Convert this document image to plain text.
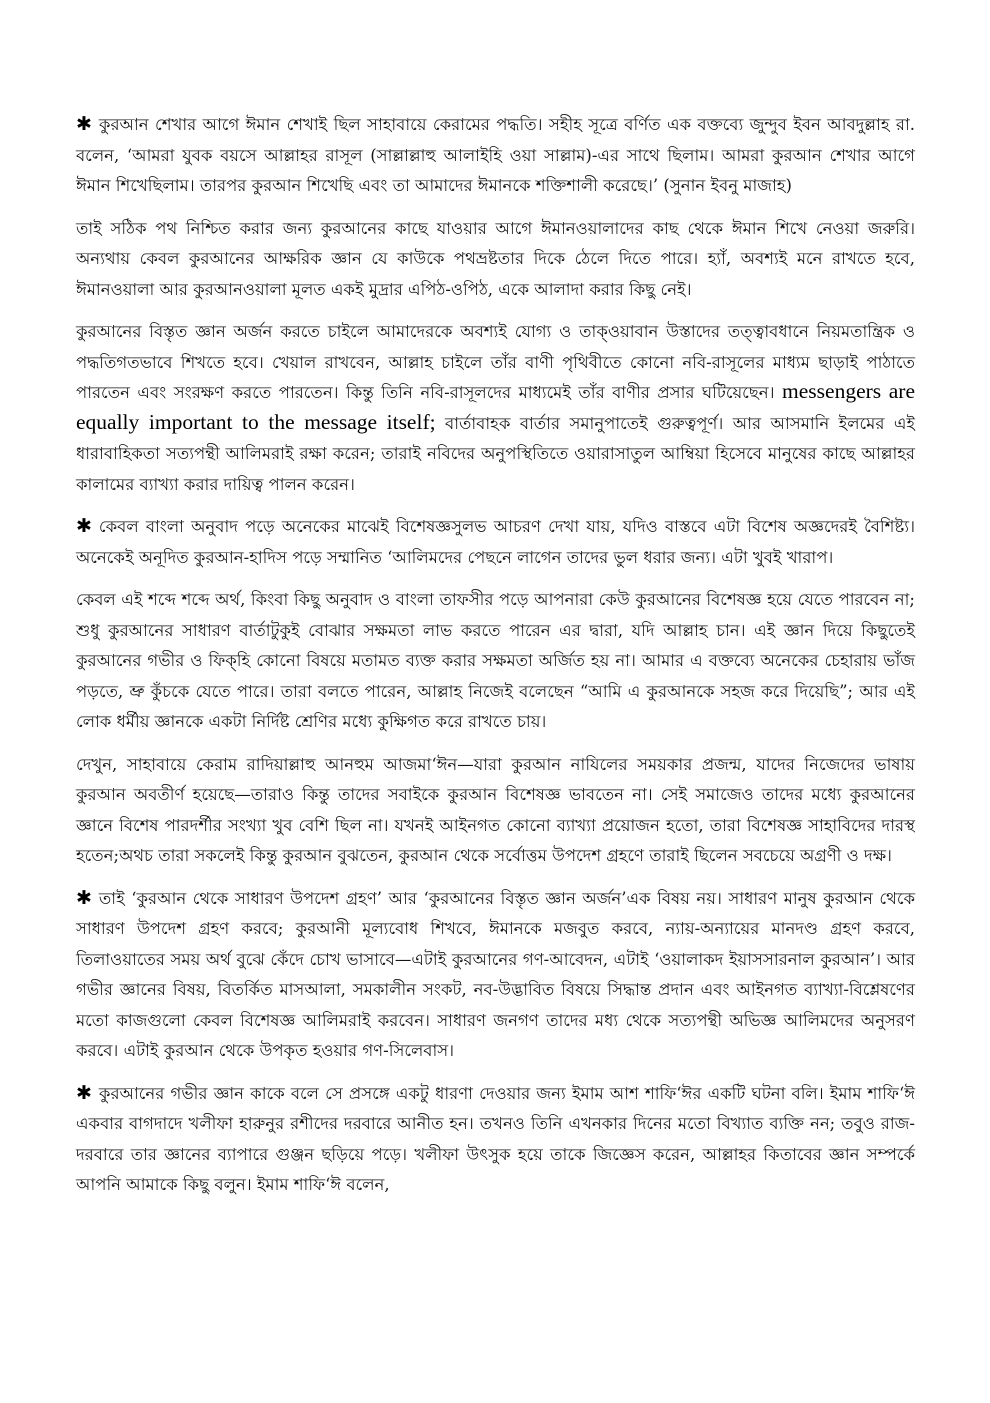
✱কুরআন শেখার আগে ঈমান শেখাই ছিল সাহাবায়ে কেরামের পদ্ধতি। সহীহ সূত্রে বর্ণিত এক বক্তব্যে জুন্দুব ইবন আবদুল্লাহ রা. বলেন, ‘আমরা যুবক বয়সে আল্লাহর রাসূল (সাল্লাল্লাহু আলাইহি ওয়া সাল্লাম)-এর সাথে ছিলাম। আমরা কুরআন শেখার আগে ঈমান শিখেছিলাম। তারপর কুরআন শিখেছি এবং তা আমাদের ঈমানকে শক্তিশালী করেছে।’ (সুনান ইবনু মাজাহ)

তাই সঠিক পথ নিশ্চিত করার জন্য কুরআনের কাছে যাওয়ার আগে ঈমানওয়ালাদের কাছ থেকে ঈমান শিখে নেওয়া জরুরি। অন্যথায় কেবল কুরআনের আক্ষরিক জ্ঞান যে কাউকে পথভ্রষ্টতার দিকে ঠেলে দিতে পারে। হ্যাঁ, অবশ্যই মনে রাখতে হবে, ঈমানওয়ালা আর কুরআনওয়ালা মূলত একই মুদ্রার এপিঠ-ওপিঠ, একে আলাদা করার কিছু নেই।

কুরআনের বিস্তৃত জ্ঞান অর্জন করতে চাইলে আমাদেরকে অবশ্যই যোগ্য ও তাক্‌ওয়াবান উস্তাদের তত্ত্বাবধানে নিয়মতান্ত্রিক ও পদ্ধতিগতভাবে শিখতে হবে। খেয়াল রাখবেন, আল্লাহ চাইলে তাঁর বাণী পৃথিবীতে কোনো নবি-রাসূলের মাধ্যম ছাড়াই পাঠাতে পারতেন এবং সংরক্ষণ করতে পারতেন। কিন্তু তিনি নবি-রাসূলদের মাধ্যমেই তাঁর বাণীর প্রসার ঘটিয়েছেন। messengers are equally important to the message itself; বার্তাবাহক বার্তার সমানুপাতেই গুরুত্বপূর্ণ। আর আসমানি ইলমের এই ধারাবাহিকতা সত্যপন্থী আলিমরাই রক্ষা করেন; তারাই নবিদের অনুপস্থিতিতে ওয়ারাসাতুল আম্বিয়া হিসেবে মানুষের কাছে আল্লাহর কালামের ব্যাখ্যা করার দায়িত্ব পালন করেন।

✱কেবল বাংলা অনুবাদ পড়ে অনেকের মাঝেই বিশেষজ্ঞসুলভ আচরণ দেখা যায়, যদিও বাস্তবে এটা বিশেষ অজ্ঞদেরই বৈশিষ্ট্য। অনেকেই অনূদিত কুরআন-হাদিস পড়ে সম্মানিত ‘আলিমদের পেছনে লাগেন তাদের ভুল ধরার জন্য। এটা খুবই খারাপ।

কেবল এই শব্দে শব্দে অর্থ, কিংবা কিছু অনুবাদ ও বাংলা তাফসীর পড়ে আপনারা কেউ কুরআনের বিশেষজ্ঞ হয়ে যেতে পারবেন না; শুধু কুরআনের সাধারণ বার্তাটুকুই বোঝার সক্ষমতা লাভ করতে পারেন এর দ্বারা, যদি আল্লাহ চান। এই জ্ঞান দিয়ে কিছুতেই কুরআনের গভীর ও ফিক্‌হি কোনো বিষয়ে মতামত ব্যক্ত করার সক্ষমতা অর্জিত হয় না। আমার এ বক্তব্যে অনেকের চেহারায় ভাঁজ পড়তে, ভ্রু কুঁচকে যেতে পারে। তারা বলতে পারেন, আল্লাহ নিজেই বলেছেন “আমি এ কুরআনকে সহজ করে দিয়েছি”; আর এই লোক ধর্মীয় জ্ঞানকে একটা নির্দিষ্ট শ্রেণির মধ্যে কুক্ষিগত করে রাখতে চায়।

দেখুন, সাহাবায়ে কেরাম রাদিয়াল্লাহু আনহুম আজমা‘ঈন—যারা কুরআন নাযিলের সময়কার প্রজন্ম, যাদের নিজেদের ভাষায় কুরআন অবতীর্ণ হয়েছে—তারাও কিন্তু তাদের সবাইকে কুরআন বিশেষজ্ঞ ভাবতেন না। সেই সমাজেও তাদের মধ্যে কুরআনের জ্ঞানে বিশেষ পারদর্শীর সংখ্যা খুব বেশি ছিল না। যখনই আইনগত কোনো ব্যাখ্যা প্রয়োজন হতো, তারা বিশেষজ্ঞ সাহাবিদের দারস্থ হতেন;অথচ তারা সকলেই কিন্তু কুরআন বুঝতেন, কুরআন থেকে সর্বোত্তম উপদেশ গ্রহণে তারাই ছিলেন সবচেয়ে অগ্রণী ও দক্ষ।

✱তাই ‘কুরআন থেকে সাধারণ উপদেশ গ্রহণ’ আর ‘কুরআনের বিস্তৃত জ্ঞান অর্জন’এক বিষয় নয়। সাধারণ মানুষ কুরআন থেকে সাধারণ উপদেশ গ্রহণ করবে; কুরআনী মূল্যবোধ শিখবে, ঈমানকে মজবুত করবে, ন্যায়-অন্যায়ের মানদণ্ড গ্রহণ করবে, তিলাওয়াতের সময় অর্থ বুঝে কেঁদে চোখ ভাসাবে—এটাই কুরআনের গণ-আবেদন, এটাই ‘ওয়ালাকদ ইয়াসসারনাল কুরআন’। আর গভীর জ্ঞানের বিষয়, বিতর্কিত মাসআলা, সমকালীন সংকট, নব-উদ্ভাবিত বিষয়ে সিদ্ধান্ত প্রদান এবং আইনগত ব্যাখ্যা-বিশ্লেষণের মতো কাজগুলো কেবল বিশেষজ্ঞ আলিমরাই করবেন। সাধারণ জনগণ তাদের মধ্য থেকে সত্যপন্থী অভিজ্ঞ আলিমদের অনুসরণ করবে। এটাই কুরআন থেকে উপকৃত হওয়ার গণ-সিলেবাস।

✱কুরআনের গভীর জ্ঞান কাকে বলে সে প্রসঙ্গে একটু ধারণা দেওয়ার জন্য ইমাম আশ শাফি‘ঈর একটি ঘটনা বলি। ইমাম শাফি‘ঈ একবার বাগদাদে খলীফা হারুনুর রশীদের দরবারে আনীত হন। তখনও তিনি এখনকার দিনের মতো বিখ্যাত ব্যক্তি নন; তবুও রাজ-দরবারে তার জ্ঞানের ব্যাপারে গুঞ্জন ছড়িয়ে পড়ে। খলীফা উৎসুক হয়ে তাকে জিজ্ঞেস করেন, আল্লাহর কিতাবের জ্ঞান সম্পর্কে আপনি আমাকে কিছু বলুন। ইমাম শাফি‘ঈ বলেন,
